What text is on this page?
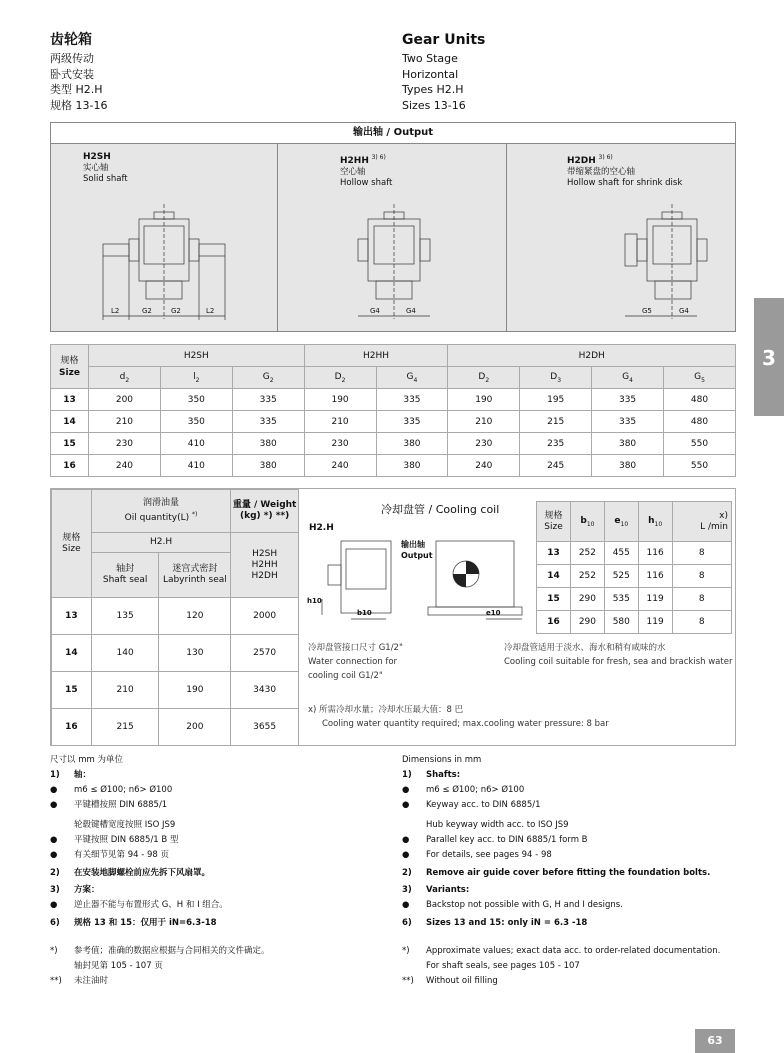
齿轮箱
两级传动
卧式安装
类型 H2.H
规格 13-16
Gear Units
Two Stage
Horizontal
Types H2.H
Sizes 13-16
输出轴 / Output
H2SH
实心轴
Solid shaft
L2	G2	G2	L2
H2HH $^{3) 6)}$
空心轴
Hollow shaft
G4	G4
H2DH $^{3) 6)}$
带缩紧盘的空心轴
Hollow shaft for shrink disk
G5	G4
3
规格
Size	H2SH			H2HH		H2DH			
	$d_2$	$l_2$	$G_2$	$D_2$	$G_4$	$D_2$	$D_3$	$G_4$	$G_5$
13	200	350	335	190	335	190	195	335	480
14	210	350	335	210	335	210	215	335	480
15	230	410	380	230	380	230	235	380	550
16	240	410	380	240	380	240	245	380	550
规格
Size	润滑油量
Oil quantity(L) *)		重量 / Weight
(kg) *) **)
	H2.H		H2SH
H2HH
H2DH
	轴封
Shaft seal	迷宫式密封
Labyrinth seal	
13	135	120	2000
14	140	130	2570
15	210	190	3430
16	215	200	3655
冷却盘管 / Cooling coil
H2.H
输出轴
Output
h10
b10	e10
规格
Size	$b_{10}$	$e_{10}$	$h_{10}$	x)
L /min
13	252	455	116	8
14	252	525	116	8
15	290	535	119	8
16	290	580	119	8
冷却盘管接口尺寸 G1/2"
Water connection for
cooling coil G1/2"
冷却盘管适用于淡水、海水和稍有咸味的水
Cooling coil suitable for fresh, sea and brackish water
x) 所需冷却水量；冷却水压最大值：8 巴
Cooling water quantity required; max.cooling water pressure: 8 bar
尺寸以 mm 为单位
1) 轴：
● m6 ≤ Ø100; n6> Ø100
● 平键槽按照 DIN 6885/1
轮毂键槽宽度按照 ISO JS9
● 平键按照 DIN 6885/1 B 型
● 有关细节见第 94 - 98 页
2) 在安装地脚螺栓前应先拆下风扇罩。
3) 方案：
● 逆止器不能与布置形式 G、H 和 I 组合。
6) 规格 13 和 15：仅用于 iN=6.3-18
*) 参考值；准确的数据应根据与合同相关的文件确定。
轴封见第 105 - 107 页
**) 未注油时
Dimensions in mm
1) Shafts:
● m6 ≤ Ø100; n6> Ø100
● Keyway acc. to DIN 6885/1
Hub keyway width acc. to ISO JS9
● Parallel key acc. to DIN 6885/1 form B
● For details, see pages 94 - 98
2) Remove air guide cover before fitting the foundation bolts.
3) Variants:
● Backstop not possible with G, H and I designs.
6) Sizes 13 and 15: only iN = 6.3 -18
*) Approximate values; exact data acc. to order-related documentation.
For shaft seals, see pages 105 - 107
**) Without oil filling
63
